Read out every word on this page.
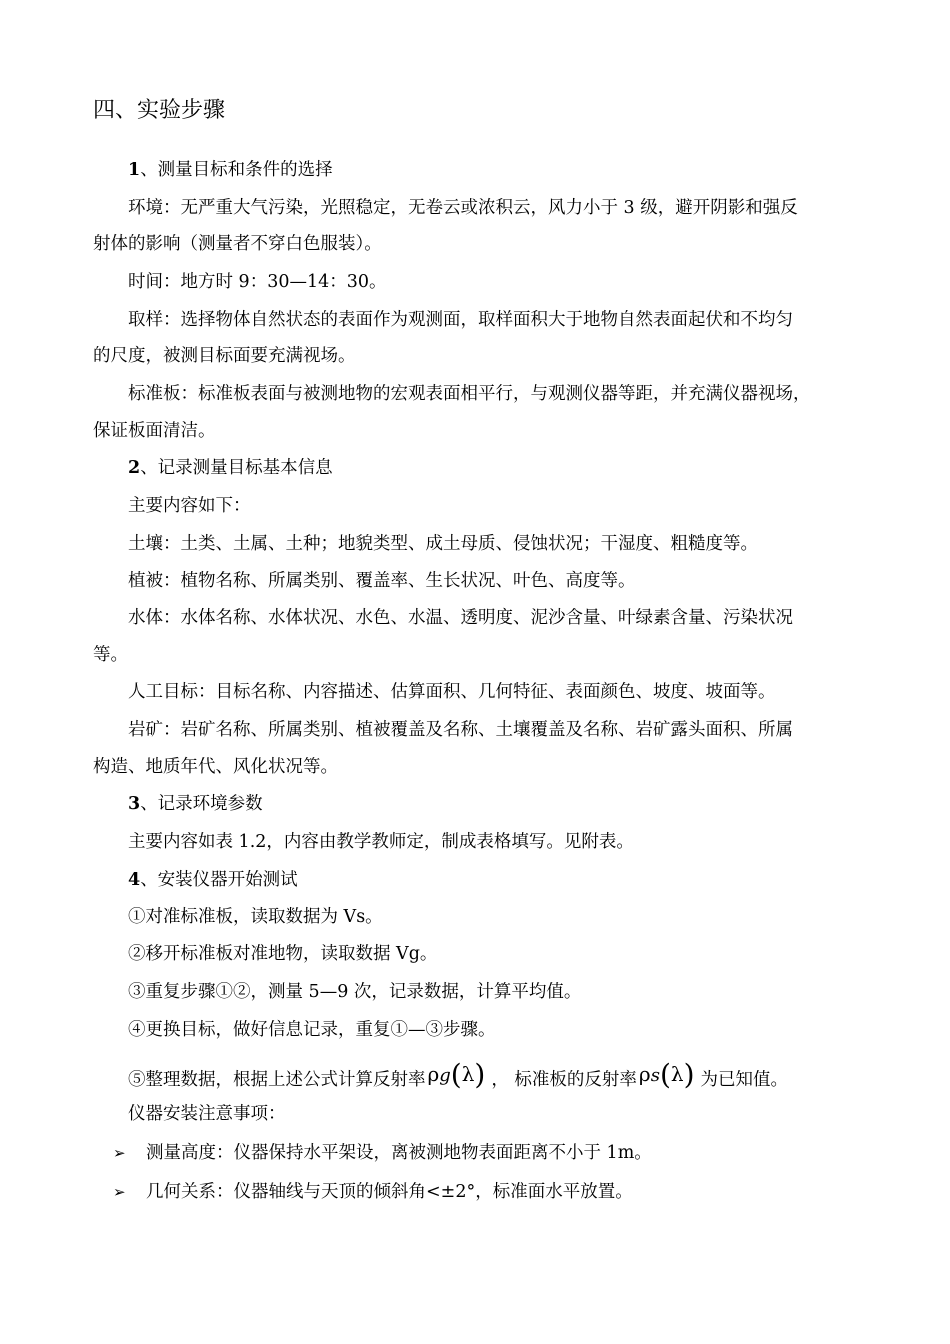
四、实验步骤
1、测量目标和条件的选择
环境：无严重大气污染，光照稳定，无卷云或浓积云，风力小于 3 级，避开阴影和强反
射体的影响（测量者不穿白色服装）。
时间：地方时 9：30—14：30。
取样：选择物体自然状态的表面作为观测面，取样面积大于地物自然表面起伏和不均匀
的尺度，被测目标面要充满视场。
标准板：标准板表面与被测地物的宏观表面相平行，与观测仪器等距，并充满仪器视场，
保证板面清洁。
2、记录测量目标基本信息
主要内容如下：
土壤：土类、土属、土种；地貌类型、成土母质、侵蚀状况；干湿度、粗糙度等。
植被：植物名称、所属类别、覆盖率、生长状况、叶色、高度等。
水体：水体名称、水体状况、水色、水温、透明度、泥沙含量、叶绿素含量、污染状况
等。
人工目标：目标名称、内容描述、估算面积、几何特征、表面颜色、坡度、坡面等。
岩矿：岩矿名称、所属类别、植被覆盖及名称、土壤覆盖及名称、岩矿露头面积、所属
构造、地质年代、风化状况等。
3、记录环境参数
主要内容如表 1.2，内容由教学教师定，制成表格填写。见附表。
4、安装仪器开始测试
①对准标准板，读取数据为 Vs。
②移开标准板对准地物，读取数据 Vg。
③重复步骤①②，测量 5—9 次，记录数据，计算平均值。
④更换目标，做好信息记录，重复①—③步骤。
⑤整理数据，根据上述公式计算反射率 ρg(λ) ， 标准板的反射率 ρs(λ) 为已知值。
仪器安装注意事项：
➢ 测量高度：仪器保持水平架设，离被测地物表面距离不小于 1m。
➢ 几何关系：仪器轴线与天顶的倾斜角<±2°，标准面水平放置。
